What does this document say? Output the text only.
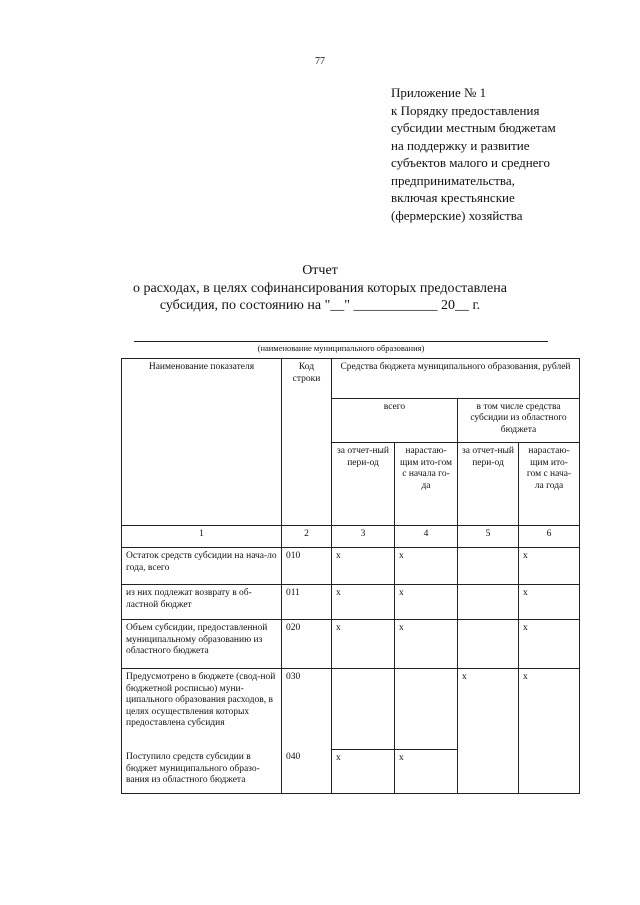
77
Приложение № 1
к Порядку предоставления
субсидии местным бюджетам
на поддержку и развитие
субъектов малого и среднего
предпринимательства,
включая крестьянские
(фермерские) хозяйства
Отчет
о расходах, в целях софинансирования которых предоставлена
субсидия, по состоянию на "__" ____________ 20__ г.
(наименование муниципального образования)
Наименование показателя	Код строки	Средства бюджета муниципального образования, рублей			
		всего		в том числе средства субсидии из областного бюджета	
		за отчет-ный пери-од	нарастаю-щим ито-гом с начала го-да	за отчет-ный пери-од	нарастаю-щим ито-гом с нача-ла года
1	2	3	4	5	6
Остаток средств субсидии на нача-ло года, всего	010	x	x		x
из них подлежат возврату в об-ластной бюджет	011	x	x		x
Объем субсидии, предоставленной муниципальному образованию из областного бюджета	020	x	x		x
Предусмотрено в бюджете (свод-ной бюджетной росписью) муни-ципального образования расходов, в целях осуществления которых предоставлена субсидия	030			x	x
Поступило средств субсидии в бюджет муниципального образо-вания из областного бюджета	040	x	x		
